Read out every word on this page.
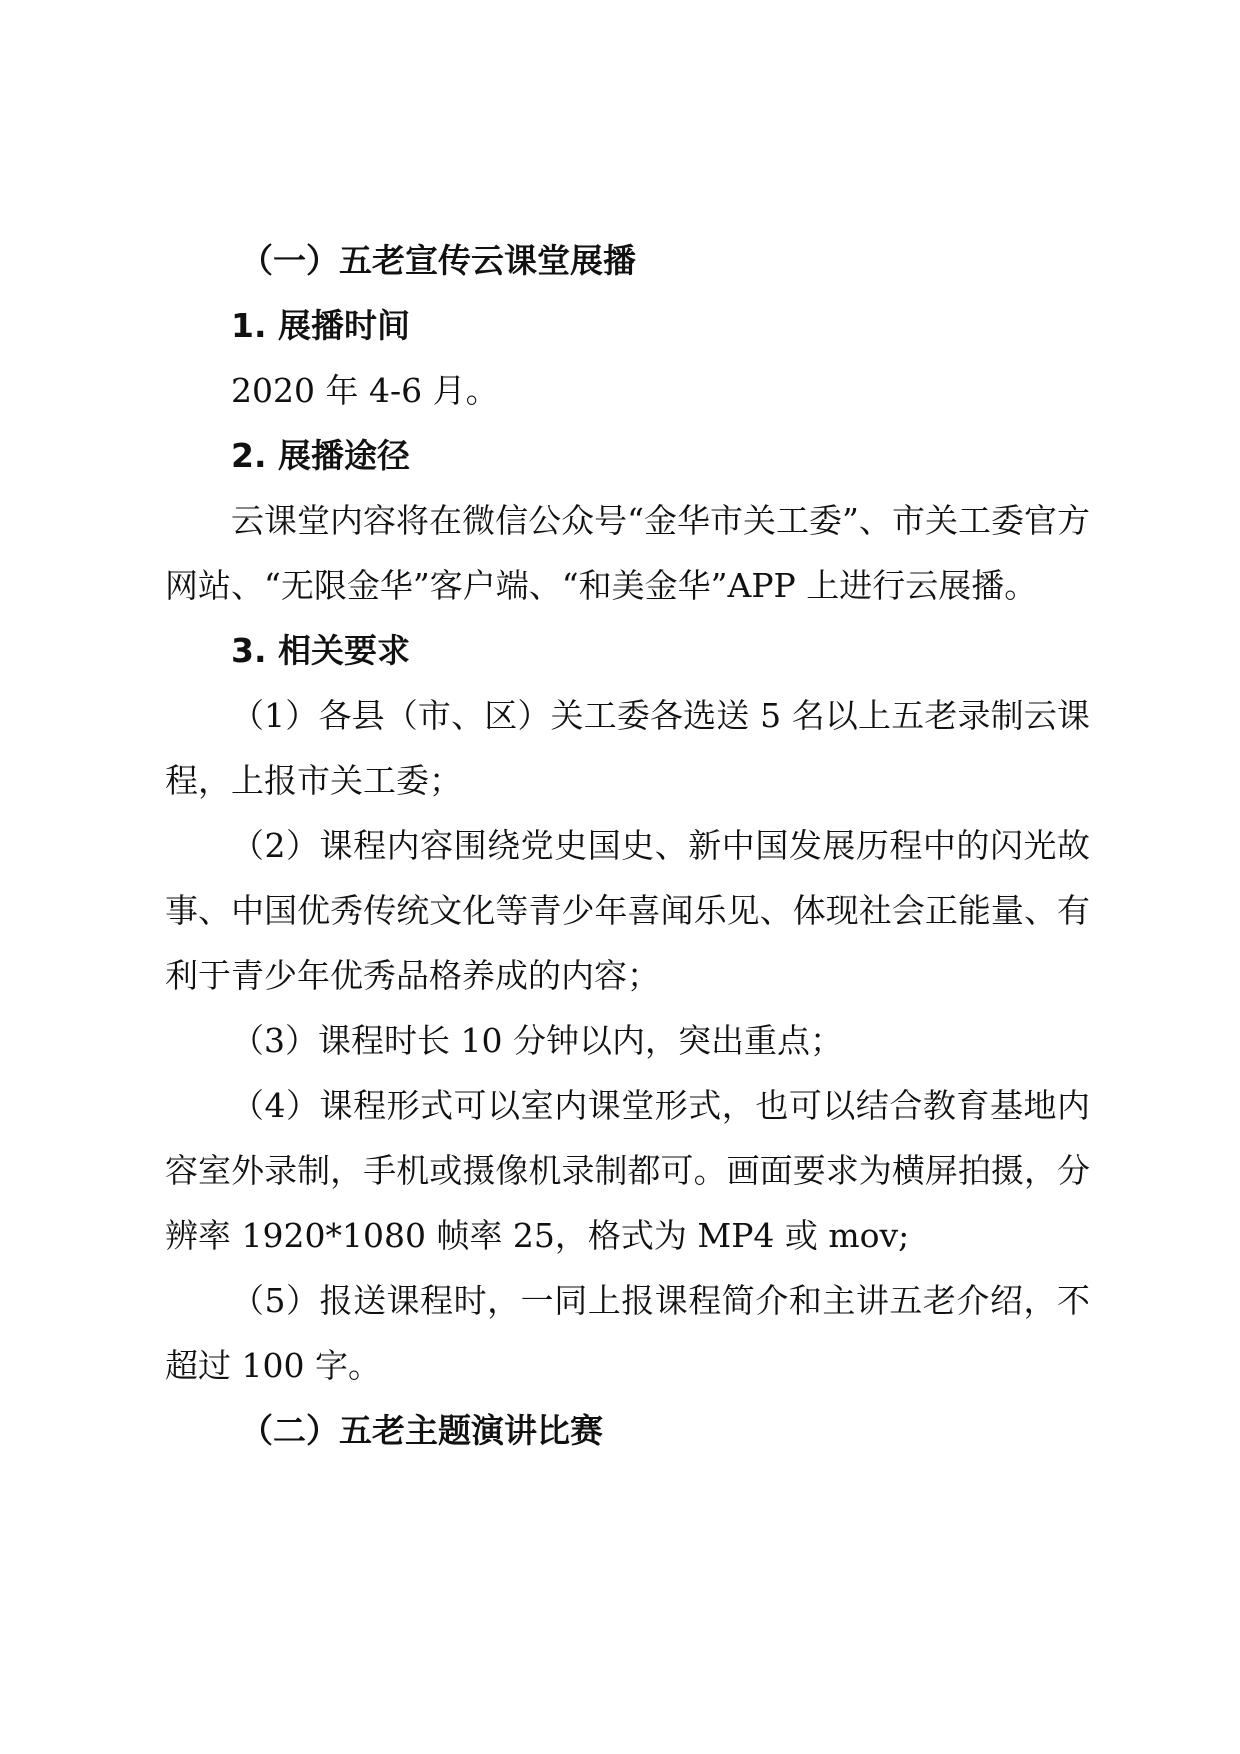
（一）五老宣传云课堂展播

1. 展播时间

2020 年 4-6 月。

2. 展播途径

云课堂内容将在微信公众号“金华市关工委”、市关工委官方网站、“无限金华”客户端、“和美金华”APP 上进行云展播。

3. 相关要求

（1）各县（市、区）关工委各选送 5 名以上五老录制云课程，上报市关工委；

（2）课程内容围绕党史国史、新中国发展历程中的闪光故事、中国优秀传统文化等青少年喜闻乐见、体现社会正能量、有利于青少年优秀品格养成的内容；

（3）课程时长 10 分钟以内，突出重点；

（4）课程形式可以室内课堂形式，也可以结合教育基地内容室外录制，手机或摄像机录制都可。画面要求为横屏拍摄，分辨率 1920*1080 帧率 25，格式为 MP4 或 mov;

（5）报送课程时，一同上报课程简介和主讲五老介绍，不超过 100 字。

（二）五老主题演讲比赛
